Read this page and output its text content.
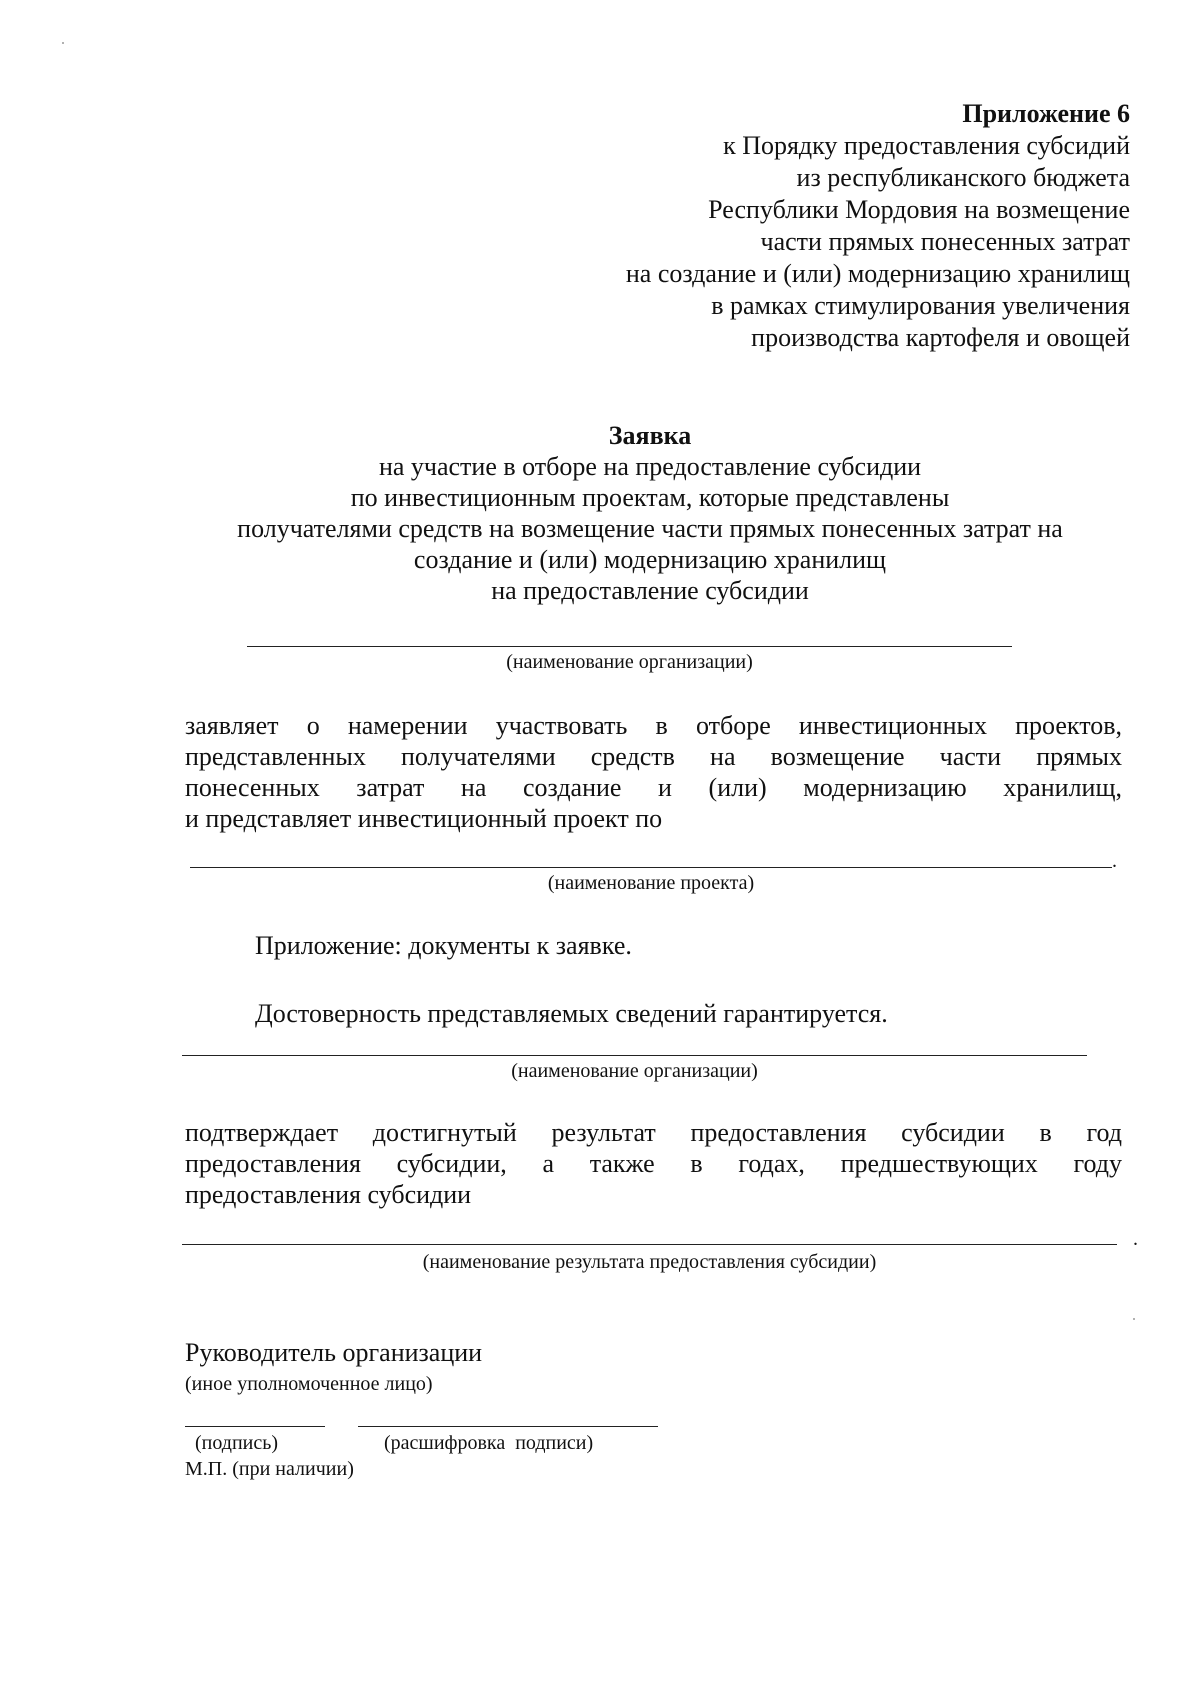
Приложение 6
к Порядку предоставления субсидий
из республиканского бюджета
Республики Мордовия на возмещение
части прямых понесенных затрат
на создание и (или) модернизацию хранилищ
в рамках стимулирования увеличения
производства картофеля и овощей
Заявка
на участие в отборе на предоставление субсидии
по инвестиционным проектам, которые представлены
получателями средств на возмещение части прямых понесенных затрат на
создание и (или) модернизацию хранилищ
на предоставление субсидии
(наименование организации)
заявляет о намерении участвовать в отборе инвестиционных проектов,
представленных получателями средств на возмещение части прямых
понесенных затрат на создание и (или) модернизацию хранилищ,
и представляет инвестиционный проект по
.
(наименование проекта)
Приложение: документы к заявке.
Достоверность представляемых сведений гарантируется.
(наименование организации)
подтверждает достигнутый результат предоставления субсидии в год
предоставления субсидии, а также в годах, предшествующих году
предоставления субсидии
.
(наименование результата предоставления субсидии)
Руководитель организации
(иное уполномоченное лицо)
(подпись)	(расшифровка  подписи)
М.П. (при наличии)
